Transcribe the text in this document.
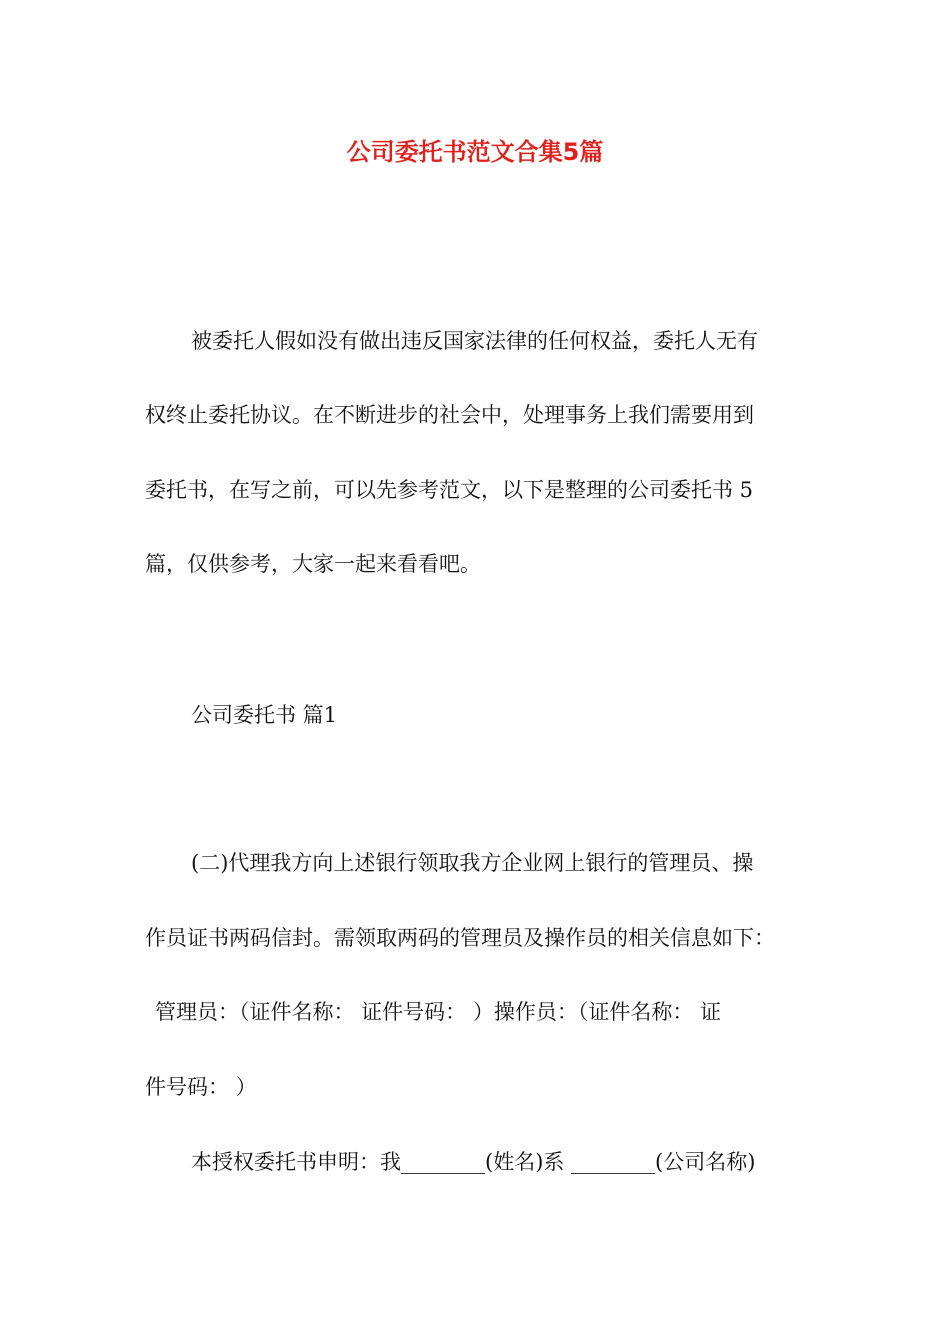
公司委托书范文合集5篇
被委托人假如没有做出违反国家法律的任何权益，委托人无有
权终止委托协议。在不断进步的社会中，处理事务上我们需要用到
委托书，在写之前，可以先参考范文，以下是整理的公司委托书 5
篇，仅供参考，大家一起来看看吧。
公司委托书 篇1
(二)代理我方向上述银行领取我方企业网上银行的管理员、操
作员证书两码信封。需领取两码的管理员及操作员的相关信息如下：
管理员：（证件名称： 证件号码： ）操作员：（证件名称： 证
件号码： ）
本授权委托书申明：我________(姓名)系 ________(公司名称)
